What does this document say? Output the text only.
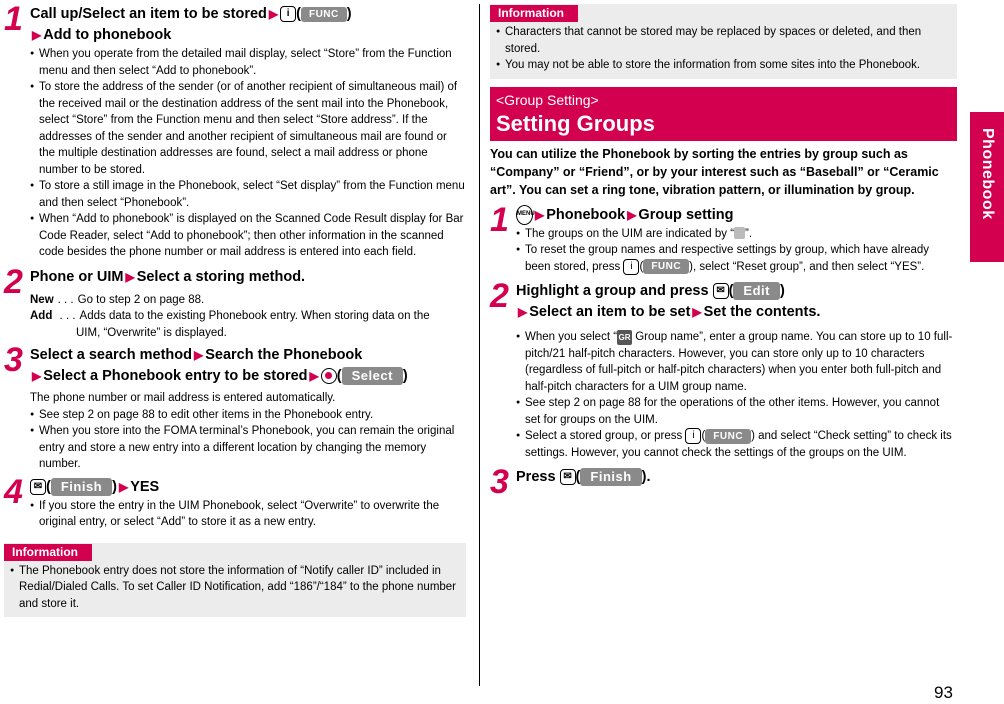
1 Call up/Select an item to be stored ▶ i ( FUNC )
▶ Add to phonebook
● When you operate from the detailed mail display, select “Store” from the Function menu and then select “Add to phonebook”.
● To store the address of the sender (or of another recipient of simultaneous mail) of the received mail or the destination address of the sent mail into the Phonebook, select “Store” from the Function menu and then select “Store address”. If the addresses of the sender and another recipient of simultaneous mail are found or the multiple destination addresses are found, select a mail address or phone number to be stored.
● To store a still image in the Phonebook, select “Set display” from the Function menu and then select “Phonebook”.
● When “Add to phonebook” is displayed on the Scanned Code Result display for Bar Code Reader, select “Add to phonebook”; then other information in the scanned code besides the phone number or mail address is entered into each field.
2 Phone or UIM ▶ Select a storing method.
New . . . Go to step 2 on page 88.
Add . . . Adds data to the existing Phonebook entry. When storing data on the
UIM, “Overwrite” is displayed.
3 Select a search method ▶ Search the Phonebook
▶ Select a Phonebook entry to be stored ▶ ( Select )
The phone number or mail address is entered automatically.
● See step 2 on page 88 to edit other items in the Phonebook entry.
● When you store into the FOMA terminal’s Phonebook, you can remain the original entry and store a new entry into a different location by changing the memory number.
4	✉ ( Finish ) ▶ YES
● If you store the entry in the UIM Phonebook, select “Overwrite” to overwrite the original entry, or select “Add” to store it as a new entry.
Information
● The Phonebook entry does not store the information of “Notify caller ID” included in Redial/Dialed Calls. To set Caller ID Notification, add “186”/“184” to the phone number and store it.
Information
● Characters that cannot be stored may be replaced by spaces or deleted, and then stored.
● You may not be able to store the information from some sites into the Phonebook.
<Group Setting>
Setting Groups
You can utilize the Phonebook by sorting the entries by group such as “Company” or “Friend”, or by your interest such as “Baseball” or “Ceramic art”. You can set a ring tone, vibration pattern, or illumination by group.
1	MENU▶ Phonebook ▶ Group setting
● The groups on the UIM are indicated by “ ”.
● To reset the group names and respective settings by group, which have already been stored, press i ( FUNC ), select “Reset group”, and then select “YES”.
2 Highlight a group and press ✉ ( Edit )
▶ Select an item to be set ▶ Set the contents.
● When you select “ GR Group name”, enter a group name. You can store up to 10 full-pitch/21 half-pitch characters. However, you can store only up to 10 characters (regardless of full-pitch or half-pitch characters) when you enter both full-pitch and half-pitch characters for a UIM group name.
● See step 2 on page 88 for the operations of the other items. However, you cannot set for groups on the UIM.
● Select a stored group, or press i ( FUNC ) and select “Check setting” to check its settings. However, you cannot check the settings of the groups on the UIM.
3 Press ✉ ( Finish ).
Phonebook
93
